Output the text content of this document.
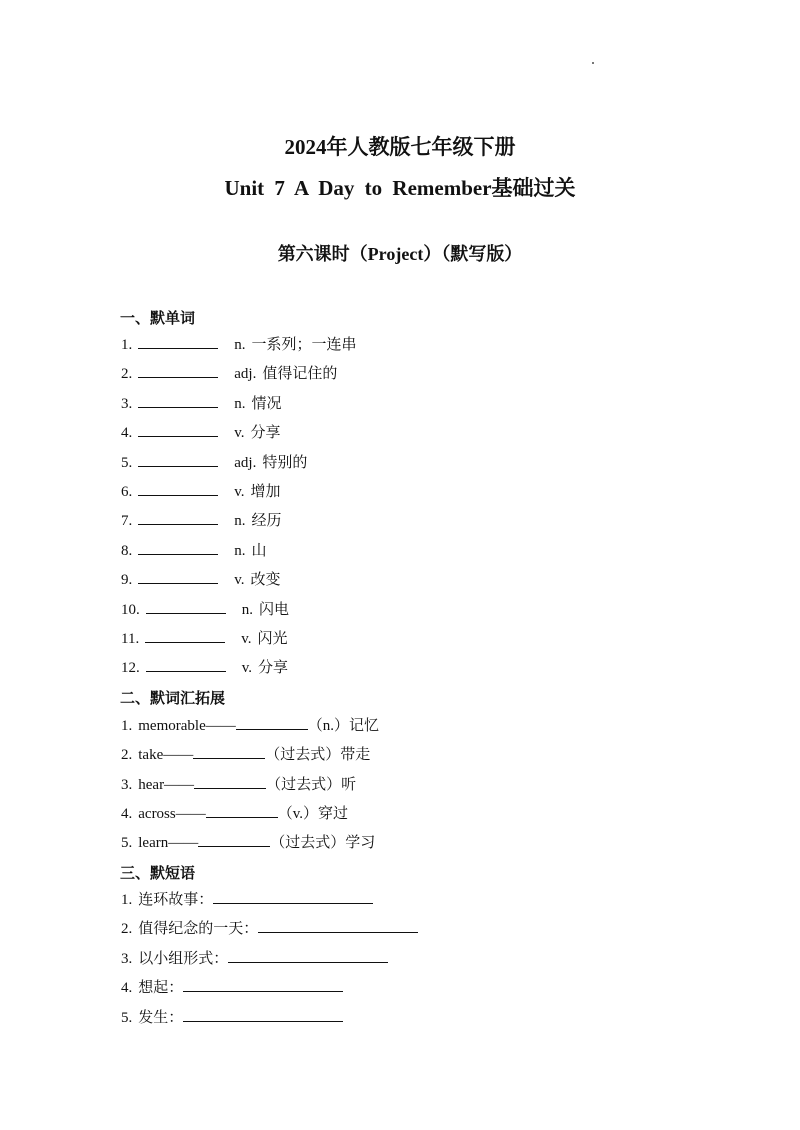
2024年人教版七年级下册
Unit 7 A Day to Remember基础过关
第六课时（Project）（默写版）
一、默单词
1.	n. 一系列；一连串
2.	adj. 值得记住的
3.	n. 情况
4.	v. 分享
5.	adj. 特别的
6.	v. 增加
7.	n. 经历
8.	n. 山
9.	v. 改变
10.	n. 闪电
11.	v. 闪光
12.	v. 分享
二、默词汇拓展
1. memorable——	（n.）记忆
2. take——	（过去式）带走
3. hear——	（过去式）听
4. across——	（v.）穿过
5. learn——	（过去式）学习
三、默短语
1. 连环故事：
2. 值得纪念的一天：
3. 以小组形式：
4. 想起：
5. 发生：
